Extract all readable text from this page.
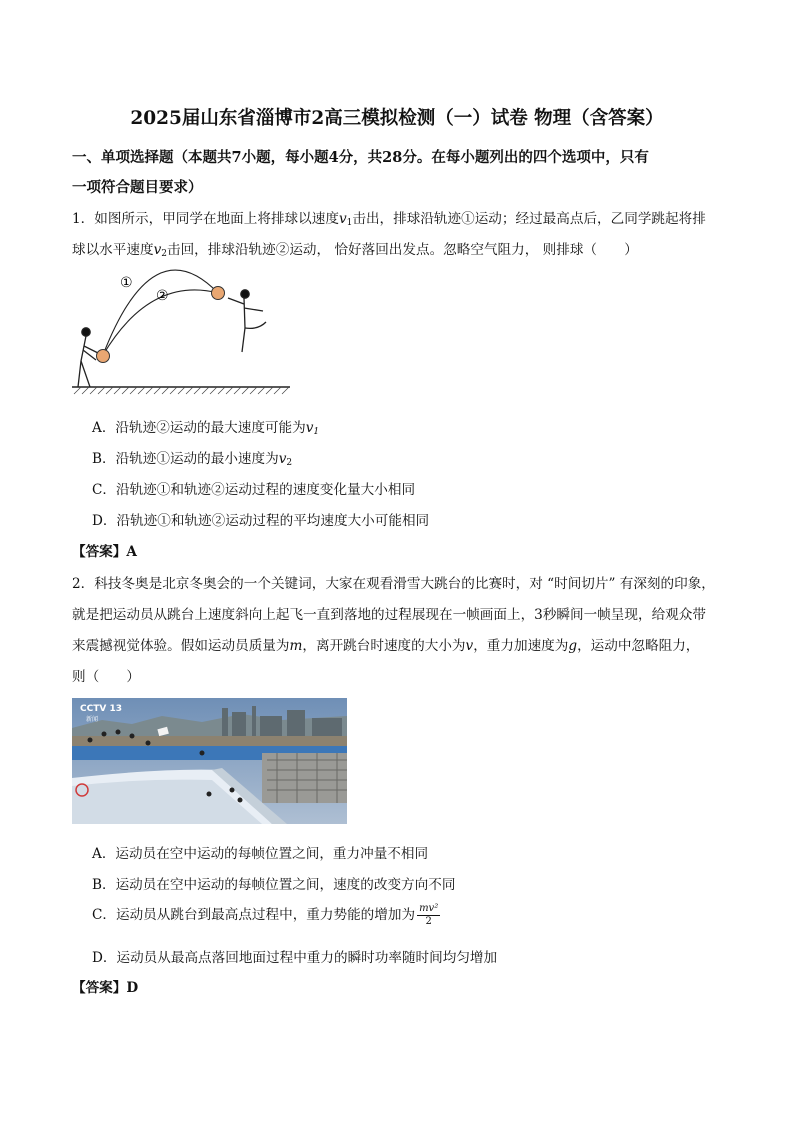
2025届山东省淄博市2高三模拟检测（一）试卷 物理（含答案）
一、单项选择题（本题共7小题，每小题4分，共28分。在每小题列出的四个选项中，只有
一项符合题目要求）
1．如图所示，甲同学在地面上将排球以速度$v_1$击出，排球沿轨迹①运动；经过最高点后，乙同学跳起将排
球以水平速度$v_2$击回，排球沿轨迹②运动， 恰好落回出发点。忽略空气阻力， 则排球（　　）
①
②
A．沿轨迹②运动的最大速度可能为$v_1$
B．沿轨迹①运动的最小速度为$v_2$
C．沿轨迹①和轨迹②运动过程的速度变化量大小相同
D．沿轨迹①和轨迹②运动过程的平均速度大小可能相同
【答案】A
2．科技冬奥是北京冬奥会的一个关键词，大家在观看滑雪大跳台的比赛时，对 “时间切片” 有深刻的印象，
就是把运动员从跳台上速度斜向上起飞一直到落地的过程展现在一帧画面上，3秒瞬间一帧呈现，给观众带
来震撼视觉体验。假如运动员质量为m，离开跳台时速度的大小为v，重力加速度为g，运动中忽略阻力，
则（　　）
CCTV 13
新闻
A．运动员在空中运动的每帧位置之间，重力冲量不相同
B．运动员在空中运动的每帧位置之间，速度的改变方向不同
C．运动员从跳台到最高点过程中，重力势能的增加为 $\frac{\text{mv²}}{2}$
D．运动员从最高点落回地面过程中重力的瞬时功率随时间均匀增加
【答案】D
